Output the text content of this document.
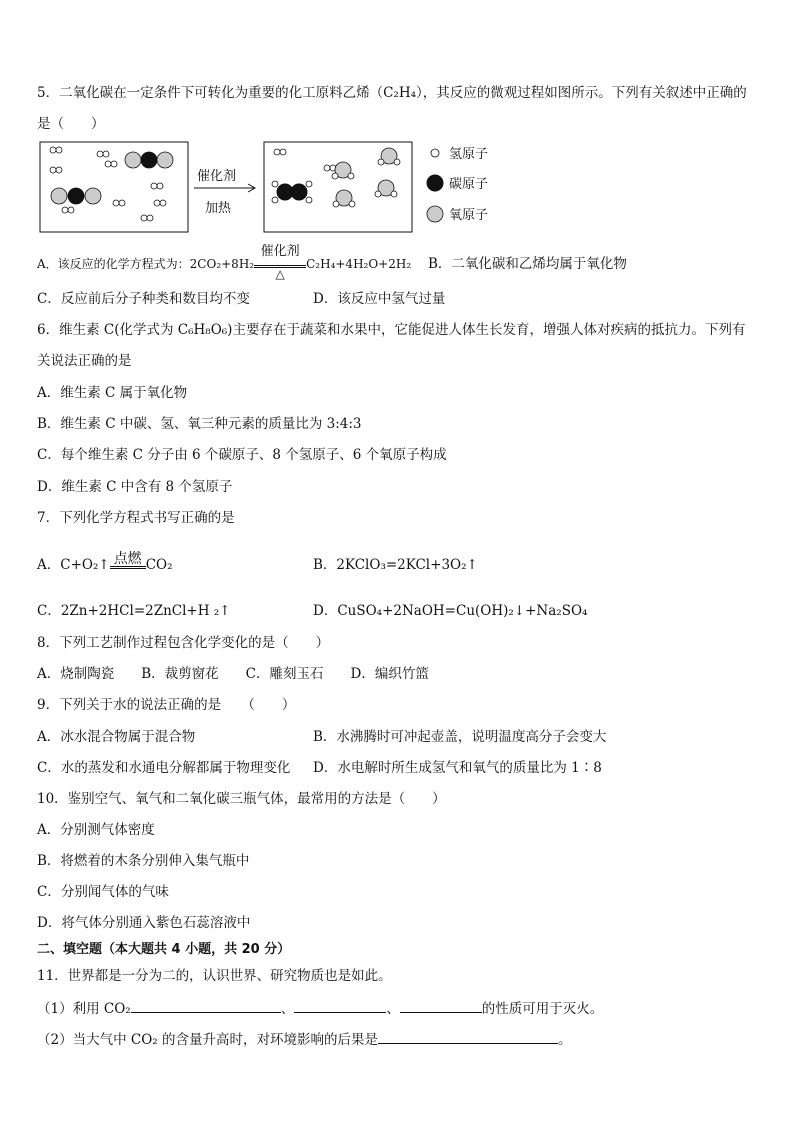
5．二氧化碳在一定条件下可转化为重要的化工原料乙烯（C₂H₄），其反应的微观过程如图所示。下列有关叙述中正确的
是（　　）
催化剂
加热
氢原子
碳原子
氧原子
A．该反应的化学方程式为：2CO₂+8H₂
催化剂
△
C₂H₄+4H₂O+2H₂ B．二氧化碳和乙烯均属于氧化物
C．反应前后分子种类和数目均不变	D．该反应中氢气过量
6．维生素 C(化学式为 C₆H₈O₆)主要存在于蔬菜和水果中，它能促进人体生长发育，增强人体对疾病的抵抗力。下列有
关说法正确的是
A．维生素 C 属于氧化物
B．维生素 C 中碳、氢、氧三种元素的质量比为 3:4:3
C．每个维生素 C 分子由 6 个碳原子、8 个氢原子、6 个氧原子构成
D．维生素 C 中含有 8 个氢原子
7．下列化学方程式书写正确的是
A．C+O₂↑ 点燃 CO₂	B．2KClO₃=2KCl+3O₂↑
C．2Zn+2HCl=2ZnCl+H ₂↑	D．CuSO₄+2NaOH=Cu(OH)₂↓+Na₂SO₄
8．下列工艺制作过程包含化学变化的是（　　）
A．烧制陶瓷　　B．裁剪窗花　　C．雕刻玉石　　D．编织竹篮
9．下列关于水的说法正确的是　　（　　）
A．冰水混合物属于混合物	B．水沸腾时可冲起壶盖，说明温度高分子会变大
C．水的蒸发和水通电分解都属于物理变化 D．水电解时所生成氢气和氧气的质量比为 1∶8
10．鉴别空气、氧气和二氧化碳三瓶气体，最常用的方法是（　　）
A．分别测气体密度
B．将燃着的木条分别伸入集气瓶中
C．分别闻气体的气味
D．将气体分别通入紫色石蕊溶液中
二、填空题（本大题共 4 小题，共 20 分）
11．世界都是一分为二的，认识世界、研究物质也是如此。
（1）利用 CO₂	、	、	的性质可用于灭火。
（2）当大气中 CO₂ 的含量升高时，对环境影响的后果是	。
